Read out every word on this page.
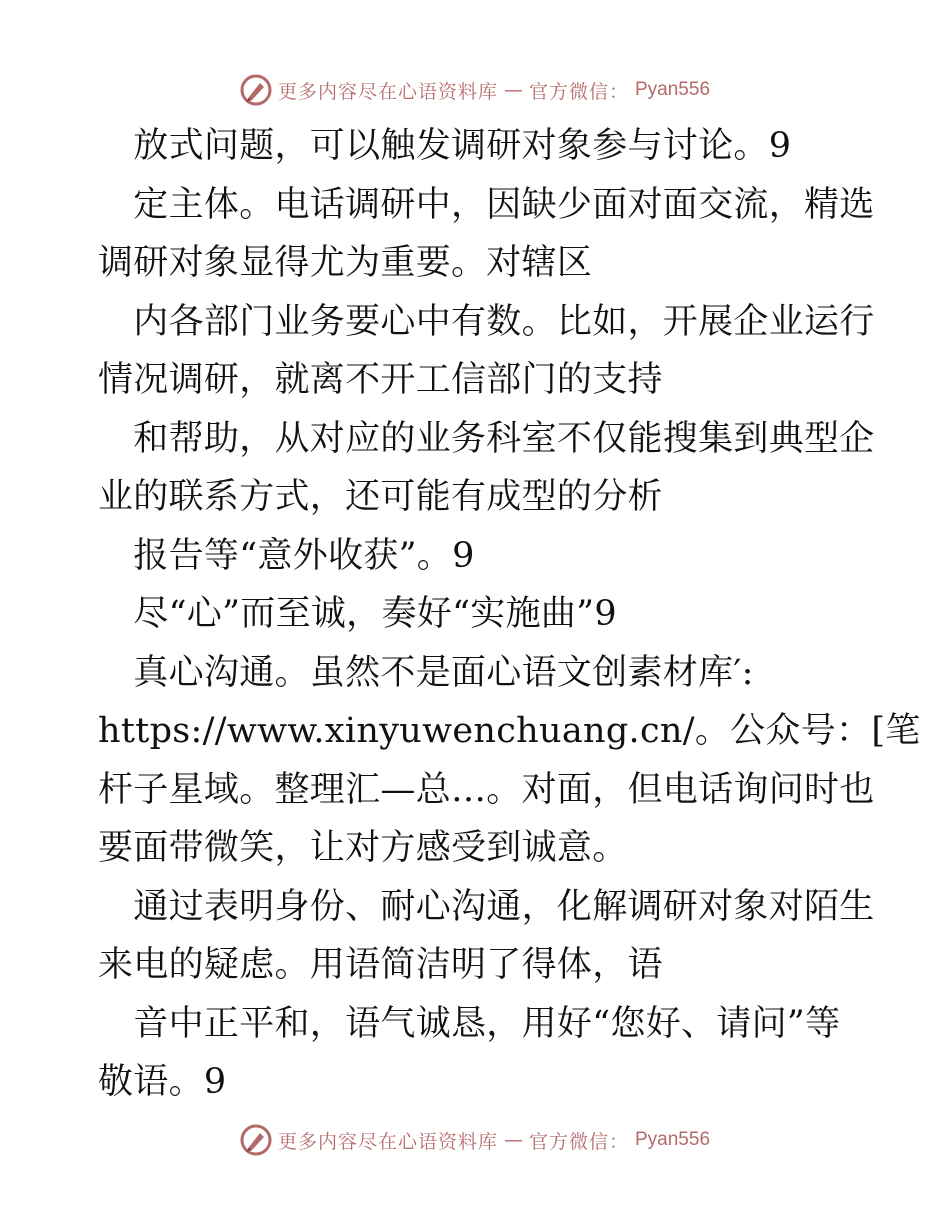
更多内容尽在心语资料库 — 官方微信： Pyan556
　放式问题，可以触发调研对象参与讨论。9
　定主体。电话调研中，因缺少面对面交流，精选
调研对象显得尤为重要。对辖区
　内各部门业务要心中有数。比如，开展企业运行
情况调研，就离不开工信部门的支持
　和帮助，从对应的业务科室不仅能搜集到典型企
业的联系方式，还可能有成型的分析
　报告等“意外收获”。9
　尽“心”而至诚，奏好“实施曲”9
　真心沟通。虽然不是面心语文创素材库′:
https://www.xinyuwenchuang.cn/。公众号：[笔
杆子星域。整理汇—总…。对面，但电话询问时也
要面带微笑，让对方感受到诚意。
　通过表明身份、耐心沟通，化解调研对象对陌生
来电的疑虑。用语简洁明了得体，语
　音中正平和，语气诚恳，用好“您好、请问”等
敬语。9
更多内容尽在心语资料库 — 官方微信： Pyan556
